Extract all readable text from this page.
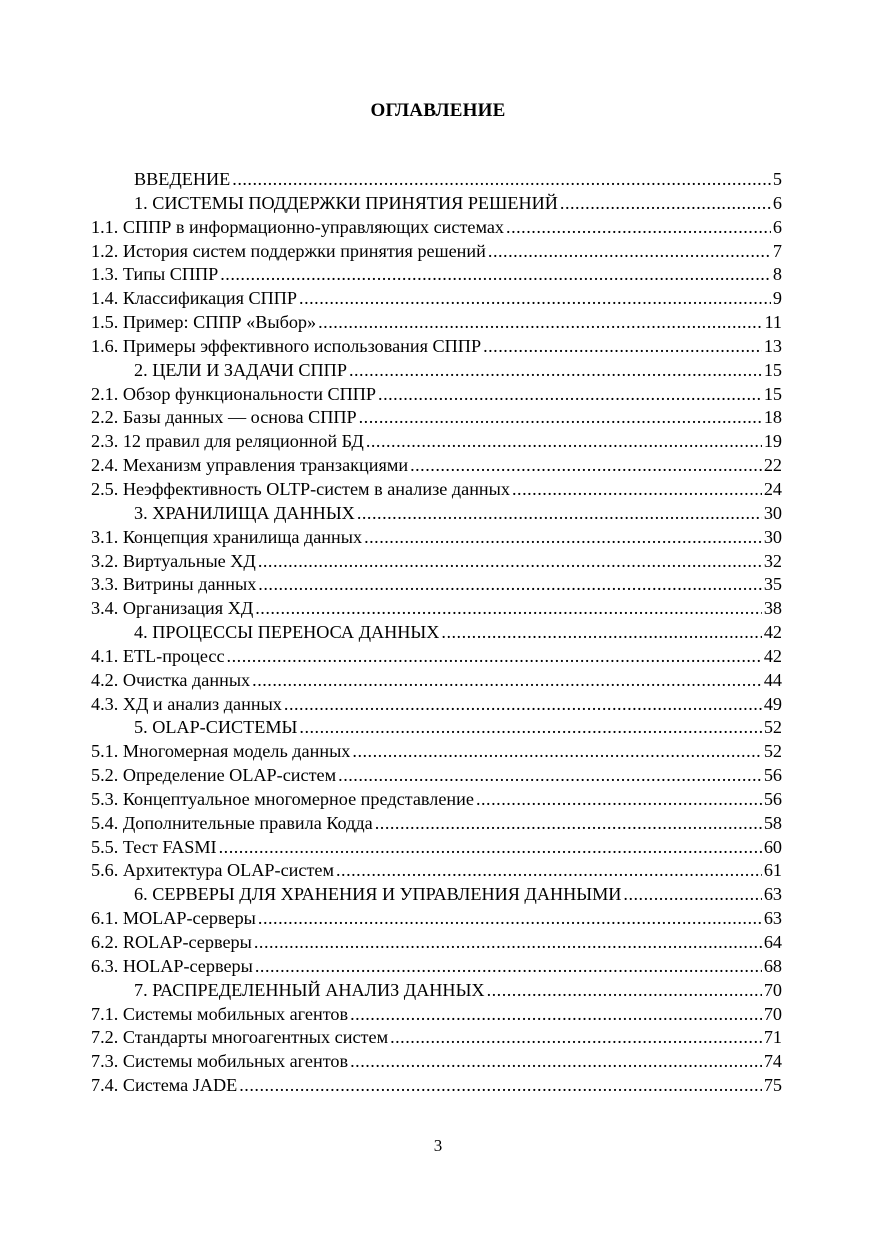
ОГЛАВЛЕНИЕ
ВВЕДЕНИЕ .....	5
1. СИСТЕМЫ ПОДДЕРЖКИ ПРИНЯТИЯ РЕШЕНИЙ .....	6
1.1. СППР в информационно-управляющих системах .....	6
1.2. История систем поддержки принятия решений .....	7
1.3. Типы СППР .....	8
1.4. Классификация СППР .....	9
1.5. Пример: СППР «Выбор» .....	11
1.6. Примеры эффективного использования СППР .....	13
2. ЦЕЛИ И ЗАДАЧИ СППР .....	15
2.1. Обзор функциональности СППР .....	15
2.2. Базы данных — основа СППР .....	18
2.3. 12 правил для реляционной БД .....	19
2.4. Механизм управления транзакциями .....	22
2.5. Неэффективность OLTP-систем в анализе данных .....	24
3. ХРАНИЛИЩА ДАННЫХ .....	30
3.1. Концепция хранилища данных .....	30
3.2. Виртуальные ХД .....	32
3.3. Витрины данных .....	35
3.4. Организация ХД .....	38
4. ПРОЦЕССЫ ПЕРЕНОСА ДАННЫХ .....	42
4.1. ETL-процесс .....	42
4.2. Очистка данных .....	44
4.3. ХД и анализ данных .....	49
5. OLAP-СИСТЕМЫ .....	52
5.1. Многомерная модель данных .....	52
5.2. Определение OLAP-систем .....	56
5.3. Концептуальное многомерное представление .....	56
5.4. Дополнительные правила Кодда .....	58
5.5. Тест FASMI .....	60
5.6. Архитектура OLAP-систем .....	61
6. СЕРВЕРЫ ДЛЯ ХРАНЕНИЯ И УПРАВЛЕНИЯ ДАННЫМИ .....	63
6.1. MOLAP-серверы .....	63
6.2. ROLAP-серверы .....	64
6.3. HOLAP-серверы .....	68
7. РАСПРЕДЕЛЕННЫЙ АНАЛИЗ ДАННЫХ .....	70
7.1. Системы мобильных агентов .....	70
7.2. Стандарты многоагентных систем .....	71
7.3. Системы мобильных агентов .....	74
7.4. Система JADE .....	75
3
